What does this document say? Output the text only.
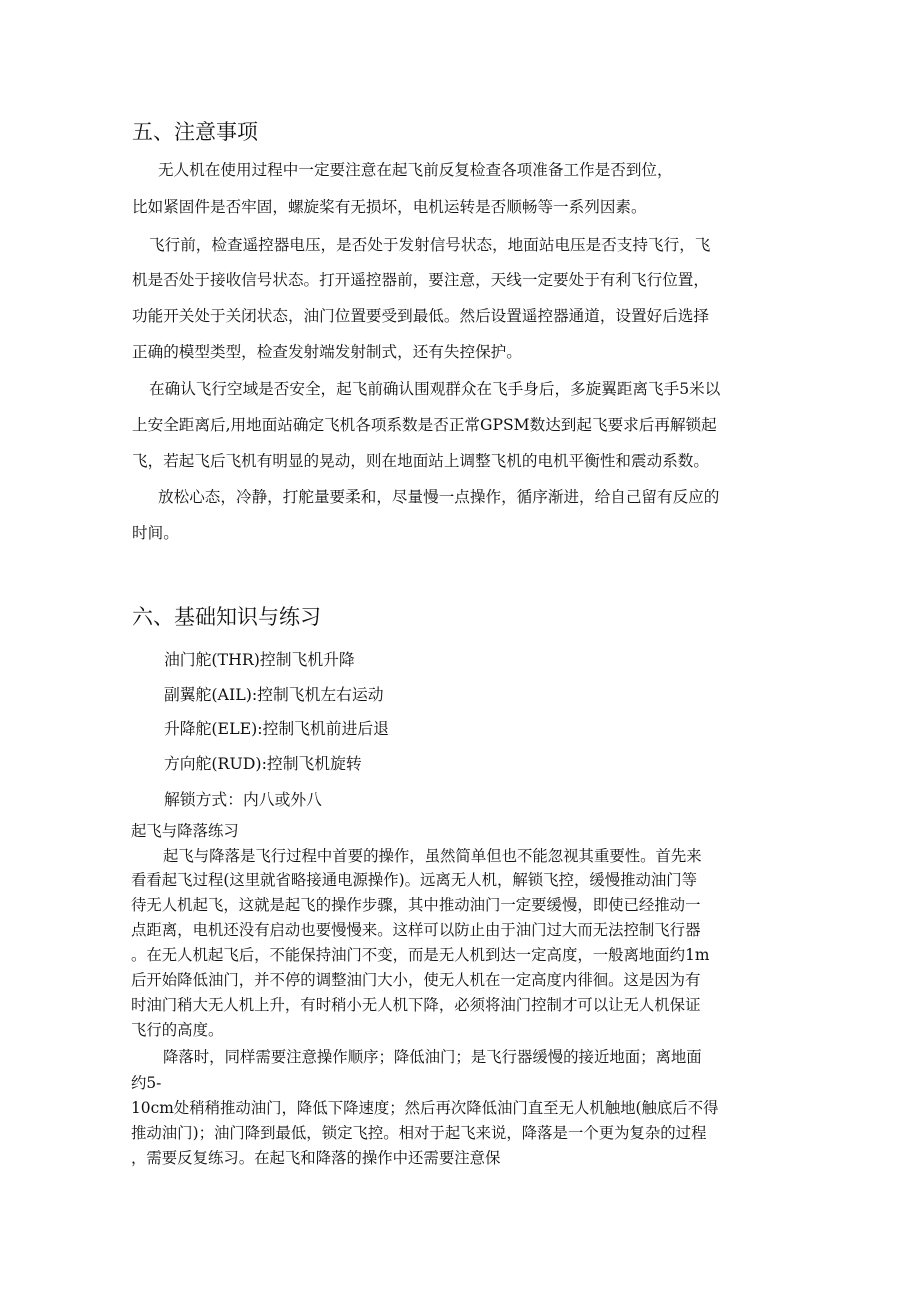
五、注意事项
无人机在使用过程中一定要注意在起飞前反复检查各项准备工作是否到位，
比如紧固件是否牢固，螺旋桨有无损坏，电机运转是否顺畅等一系列因素。
飞行前，检查遥控器电压，是否处于发射信号状态，地面站电压是否支持飞行，飞
机是否处于接收信号状态。打开遥控器前，要注意，天线一定要处于有利飞行位置，
功能开关处于关闭状态，油门位置要受到最低。然后设置遥控器通道，设置好后选择
正确的模型类型，检查发射端发射制式，还有失控保护。
在确认飞行空域是否安全，起飞前确认围观群众在飞手身后，多旋翼距离飞手5米以
上安全距离后,用地面站确定飞机各项系数是否正常GPSM数达到起飞要求后再解锁起
飞，若起飞后飞机有明显的晃动，则在地面站上调整飞机的电机平衡性和震动系数。
放松心态，冷静，打舵量要柔和，尽量慢一点操作，循序渐进，给自己留有反应的
时间。
六、基础知识与练习
油门舵(THR)控制飞机升降
副翼舵(AIL):控制飞机左右运动
升降舵(ELE):控制飞机前进后退
方向舵(RUD):控制飞机旋转
解锁方式：内八或外八
起飞与降落练习
起飞与降落是飞行过程中首要的操作，虽然简单但也不能忽视其重要性。首先来
看看起飞过程(这里就省略接通电源操作)。远离无人机，解锁飞控，缓慢推动油门等
待无人机起飞，这就是起飞的操作步骤，其中推动油门一定要缓慢，即使已经推动一
点距离，电机还没有启动也要慢慢来。这样可以防止由于油门过大而无法控制飞行器
。在无人机起飞后，不能保持油门不变，而是无人机到达一定高度，一般离地面约1m
后开始降低油门，并不停的调整油门大小，使无人机在一定高度内徘徊。这是因为有
时油门稍大无人机上升，有时稍小无人机下降，必须将油门控制才可以让无人机保证
飞行的高度。
降落时，同样需要注意操作顺序；降低油门；是飞行器缓慢的接近地面；离地面
约5-
10cm处稍稍推动油门，降低下降速度；然后再次降低油门直至无人机触地(触底后不得
推动油门)；油门降到最低，锁定飞控。相对于起飞来说，降落是一个更为复杂的过程
，需要反复练习。在起飞和降落的操作中还需要注意保
